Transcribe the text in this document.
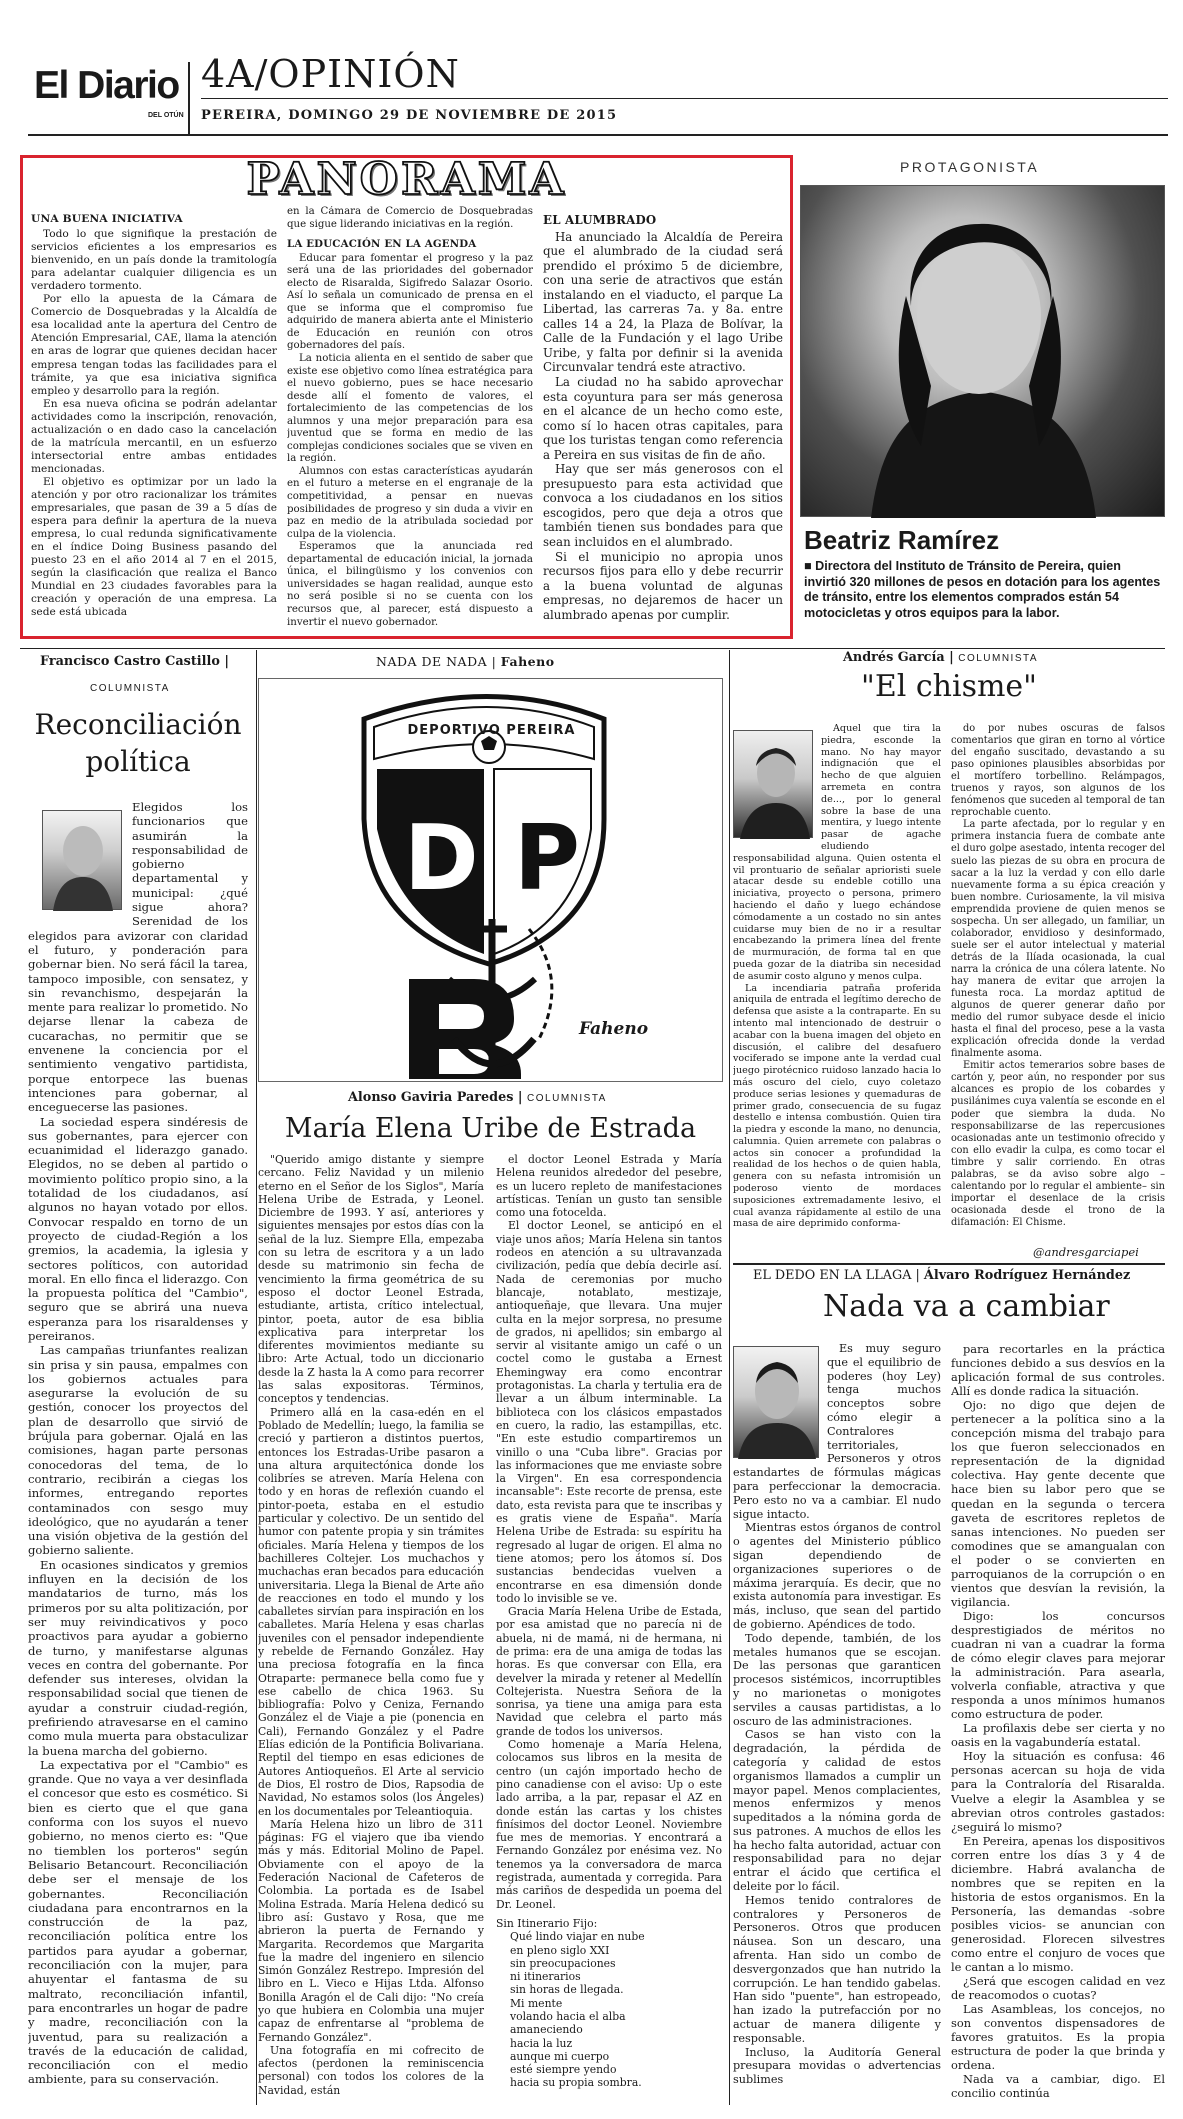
El Diario
DEL OTÚN
4A/OPINIÓN
PEREIRA, DOMINGO 29 DE NOVIEMBRE DE 2015
PANORAMA
UNA BUENA INICIATIVA

Todo lo que signifique la prestación de servicios eficientes a los empresarios es bienvenido, en un país donde la tramitología para adelantar cualquier diligencia es un verdadero tormento.

Por ello la apuesta de la Cámara de Comercio de Dosquebradas y la Alcaldía de esa localidad ante la apertura del Centro de Atención Empresarial, CAE, llama la atención en aras de lograr que quienes decidan hacer empresa tengan todas las facilidades para el trámite, ya que esa iniciativa significa empleo y desarrollo para la región.

En esa nueva oficina se podrán adelantar actividades como la inscripción, renovación, actualización o en dado caso la cancelación de la matrícula mercantil, en un esfuerzo intersectorial entre ambas entidades mencionadas.

El objetivo es optimizar por un lado la atención y por otro racionalizar los trámites empresariales, que pasan de 39 a 5 días de espera para definir la apertura de la nueva empresa, lo cual redunda significativamente en el índice Doing Business pasando del puesto 23 en el año 2014 al 7 en el 2015, según la clasificación que realiza el Banco Mundial en 23 ciudades favorables para la creación y operación de una empresa. La sede está ubicada

en la Cámara de Comercio de Dosquebradas que sigue liderando iniciativas en la región.

LA EDUCACIÓN EN LA AGENDA

Educar para fomentar el progreso y la paz será una de las prioridades del gobernador electo de Risaralda, Sigifredo Salazar Osorio. Así lo señala un comunicado de prensa en el que se informa que el compromiso fue adquirido de manera abierta ante el Ministerio de Educación en reunión con otros gobernadores del país.

La noticia alienta en el sentido de saber que existe ese objetivo como línea estratégica para el nuevo gobierno, pues se hace necesario desde allí el fomento de valores, el fortalecimiento de las competencias de los alumnos y una mejor preparación para esa juventud que se forma en medio de las complejas condiciones sociales que se viven en la región.

Alumnos con estas características ayudarán en el futuro a meterse en el engranaje de la competitividad, a pensar en nuevas posibilidades de progreso y sin duda a vivir en paz en medio de la atribulada sociedad por culpa de la violencia.

Esperamos que la anunciada red departamental de educación inicial, la jornada única, el bilingüismo y los convenios con universidades se hagan realidad, aunque esto no será posible si no se cuenta con los recursos que, al parecer, está dispuesto a invertir el nuevo gobernador.

EL ALUMBRADO

Ha anunciado la Alcaldía de Pereira que el alumbrado de la ciudad será prendido el próximo 5 de diciembre, con una serie de atractivos que están instalando en el viaducto, el parque La Libertad, las carreras 7a. y 8a. entre calles 14 a 24, la Plaza de Bolívar, la Calle de la Fundación y el lago Uribe Uribe, y falta por definir si la avenida Circunvalar tendrá este atractivo.

La ciudad no ha sabido aprovechar esta coyuntura para ser más generosa en el alcance de un hecho como este, como sí lo hacen otras capitales, para que los turistas tengan como referencia a Pereira en sus visitas de fin de año.

Hay que ser más generosos con el presupuesto para esta actividad que convoca a los ciudadanos en los sitios escogidos, pero que deja a otros que también tienen sus bondades para que sean incluidos en el alumbrado.

Si el municipio no apropia unos recursos fijos para ello y debe recurrir a la buena voluntad de algunas empresas, no dejaremos de hacer un alumbrado apenas por cumplir.

PROTAGONISTA
Beatriz Ramírez
■ Directora del Instituto de Tránsito de Pereira, quien invirtió 320 millones de pesos en dotación para los agentes de tránsito, entre los elementos comprados están 54 motocicletas y otros equipos para la labor.
Francisco Castro Castillo |
COLUMNISTA
Reconciliación
política

Elegidos los funcionarios que asumirán la responsabilidad de gobierno departamental y municipal: ¿qué sigue ahora? Serenidad de los elegidos para avizorar con claridad el futuro, y ponderación para gobernar bien. No será fácil la tarea, tampoco imposible, con sensatez, y sin revanchismo, despejarán la mente para realizar lo prometido. No dejarse llenar la cabeza de cucarachas, no permitir que se envenene la conciencia por el sentimiento vengativo partidista, porque entorpece las buenas intenciones para gobernar, al enceguecerse las pasiones.

La sociedad espera sindéresis de sus gobernantes, para ejercer con ecuanimidad el liderazgo ganado. Elegidos, no se deben al partido o movimiento político propio sino, a la totalidad de los ciudadanos, así algunos no hayan votado por ellos. Convocar respaldo en torno de un proyecto de ciudad-Región a los gremios, la academia, la iglesia y sectores políticos, con autoridad moral. En ello finca el liderazgo. Con la propuesta política del "Cambio", seguro que se abrirá una nueva esperanza para los risaraldenses y pereiranos.

Las campañas triunfantes realizan sin prisa y sin pausa, empalmes con los gobiernos actuales para asegurarse la evolución de su gestión, conocer los proyectos del plan de desarrollo que sirvió de brújula para gobernar. Ojalá en las comisiones, hagan parte personas conocedoras del tema, de lo contrario, recibirán a ciegas los informes, entregando reportes contaminados con sesgo muy ideológico, que no ayudarán a tener una visión objetiva de la gestión del gobierno saliente.

En ocasiones sindicatos y gremios influyen en la decisión de los mandatarios de turno, más los primeros por su alta politización, por ser muy reivindicativos y poco proactivos para ayudar a gobierno de turno, y manifestarse algunas veces en contra del gobernante. Por defender sus intereses, olvidan la responsabilidad social que tienen de ayudar a construir ciudad-región, prefiriendo atravesarse en el camino como mula muerta para obstaculizar la buena marcha del gobierno.

La expectativa por el "Cambio" es grande. Que no vaya a ver desinflada el concesor que esto es cosmético. Si bien es cierto que el que gana conforma con los suyos el nuevo gobierno, no menos cierto es: "Que no tiemblen los porteros" según Belisario Betancourt. Reconciliación debe ser el mensaje de los gobernantes. Reconciliación ciudadana para encontrarnos en la construcción de la paz, reconciliación política entre los partidos para ayudar a gobernar, reconciliación con la mujer, para ahuyentar el fantasma de su maltrato, reconciliación infantil, para encontrarles un hogar de padre y madre, reconciliación con la juventud, para su realización a través de la educación de calidad, reconciliación con el medio ambiente, para su conservación.

NADA DE NADA | Faheno
D P
DEPORTIVO PEREIRA
Faheno
Alonso Gaviria Paredes | COLUMNISTA
María Elena Uribe de Estrada

"Querido amigo distante y siempre cercano. Feliz Navidad y un milenio eterno en el Señor de los Siglos", María Helena Uribe de Estrada, y Leonel. Diciembre de 1993. Y así, anteriores y siguientes mensajes por estos días con la señal de la luz. Siempre Ella, empezaba con su letra de escritora y a un lado desde su matrimonio sin fecha de vencimiento la firma geométrica de su esposo el doctor Leonel Estrada, estudiante, artista, crítico intelectual, pintor, poeta, autor de esa biblia explicativa para interpretar los diferentes movimientos mediante su libro: Arte Actual, todo un diccionario desde la Z hasta la A como para recorrer las salas expositoras. Términos, conceptos y tendencias.

Primero allá en la casa-edén en el Poblado de Medellín; luego, la familia se creció y partieron a distintos puertos, entonces los Estradas-Uribe pasaron a una altura arquitectónica donde los colibríes se atreven. María Helena con todo y en horas de reflexión cuando el pintor-poeta, estaba en el estudio particular y colectivo. De un sentido del humor con patente propia y sin trámites oficiales. María Helena y tiempos de los bachilleres Coltejer. Los muchachos y muchachas eran becados para educación universitaria. Llega la Bienal de Arte año de reacciones en todo el mundo y los caballetes sirvían para inspiración en los caballetes. María Helena y esas charlas juveniles con el pensador independiente y rebelde de Fernando González. Hay una preciosa fotografía en la finca Otraparte: permanece bella como fue y ese cabello de chica 1963. Su bibliografía: Polvo y Ceniza, Fernando González el de Viaje a pie (ponencia en Cali), Fernando González y el Padre Elías edición de la Pontificia Bolivariana. Reptil del tiempo en esas ediciones de Autores Antioqueños. El Arte al servicio de Dios, El rostro de Dios, Rapsodia de Navidad, No estamos solos (los Ángeles) en los documentales por Teleantioquia.

María Helena hizo un libro de 311 páginas: FG el viajero que iba viendo más y más. Editorial Molino de Papel. Obviamente con el apoyo de la Federación Nacional de Cafeteros de Colombia. La portada es de Isabel Molina Estrada. María Helena dedicó su libro así: Gustavo y Rosa, que me abrieron la puerta de Fernando y Margarita. Recordemos que Margarita fue la madre del ingeniero en silencio Simón González Restrepo. Impresión del libro en L. Vieco e Hijas Ltda. Alfonso Bonilla Aragón el de Cali dijo: "No creía yo que hubiera en Colombia una mujer capaz de enfrentarse al "problema de Fernando González".

Una fotografía en mi cofrecito de afectos (perdonen la reminiscencia personal) con todos los colores de la Navidad, están

el doctor Leonel Estrada y María Helena reunidos alrededor del pesebre, es un lucero repleto de manifestaciones artísticas. Tenían un gusto tan sensible como una fotocelda.

El doctor Leonel, se anticipó en el viaje unos años; María Helena sin tantos rodeos en atención a su ultravanzada civilización, pedía que debía decirle así. Nada de ceremonias por mucho blancaje, notablato, mestizaje, antioqueñaje, que llevara. Una mujer culta en la mejor sorpresa, no presume de grados, ni apellidos; sin embargo al servir al visitante amigo un café o un coctel como le gustaba a Ernest Ehemingway era como encontrar protagonistas. La charla y tertulia era de llevar a un álbum interminable. La biblioteca con los clásicos empastados en cuero, la radio, las estampillas, etc. "En este estudio compartiremos un vinillo o una "Cuba libre". Gracias por las informaciones que me enviaste sobre la Virgen". En esa correspondencia incansable": Este recorte de prensa, este dato, esta revista para que te inscribas y es gratis viene de España". María Helena Uribe de Estrada: su espíritu ha regresado al lugar de origen. El alma no tiene atomos; pero los átomos sí. Dos sustancias bendecidas vuelven a encontrarse en esa dimensión donde todo lo invisible se ve.

Gracia María Helena Uribe de Estada, por esa amistad que no parecía ni de abuela, ni de mamá, ni de hermana, ni de prima: era de una amiga de todas las horas. Es que conversar con Ella, era develver la mirada y retener al Medellín Coltejerista. Nuestra Señora de la sonrisa, ya tiene una amiga para esta Navidad que celebra el parto más grande de todos los universos.

Como homenaje a María Helena, colocamos sus libros en la mesita de centro (un cajón importado hecho de pino canadiense con el aviso: Up o este lado arriba, a la par, repasar el AZ en donde están las cartas y los chistes finísimos del doctor Leonel. Noviembre fue mes de memorias. Y encontrará a Fernando González por enésima vez. No tenemos ya la conversadora de marca registrada, aumentada y corregida. Para más cariños de despedida un poema del Dr. Leonel.

Sin Itinerario Fijo:

Qué lindo viajar en nube
en pleno siglo XXI
sin preocupaciones
ni itinerarios
sin horas de llegada.
Mi mente
volando hacia el alba
amaneciendo
hacia la luz
aunque mi cuerpo
esté siempre yendo
hacia su propia sombra.
Andrés García | COLUMNISTA
"El chisme"

Aquel que tira la piedra, esconde la mano. No hay mayor indignación que el hecho de que alguien arremeta en contra de..., por lo general sobre la base de una mentira, y luego intente pasar de agache eludiendo responsabilidad alguna. Quien ostenta el vil prontuario de señalar aprioristi suele atacar desde su endeble cotillo una iniciativa, proyecto o persona, primero haciendo el daño y luego echándose cómodamente a un costado no sin antes cuidarse muy bien de no ir a resultar encabezando la primera línea del frente de murmuración, de forma tal en que pueda gozar de la diatriba sin necesidad de asumir costo alguno y menos culpa.

La incendiaria patraña proferida aniquila de entrada el legítimo derecho de defensa que asiste a la contraparte. En su intento mal intencionado de destruir o acabar con la buena imagen del objeto en discusión, el calibre del desafuero vociferado se impone ante la verdad cual juego pirotécnico ruidoso lanzado hacia lo más oscuro del cielo, cuyo coletazo produce serias lesiones y quemaduras de primer grado, consecuencia de su fugaz destello e intensa combustión. Quien tira la piedra y esconde la mano, no denuncia, calumnia. Quien arremete con palabras o actos sin conocer a profundidad la realidad de los hechos o de quien habla, genera con su nefasta intromisión un poderoso viento de mordaces suposiciones extremadamente lesivo, el cual avanza rápidamente al estilo de una masa de aire deprimido conforma-

do por nubes oscuras de falsos comentarios que giran en torno al vórtice del engaño suscitado, devastando a su paso opiniones plausibles absorbidas por el mortífero torbellino. Relámpagos, truenos y rayos, son algunos de los fenómenos que suceden al temporal de tan reprochable cuento.

La parte afectada, por lo regular y en primera instancia fuera de combate ante el duro golpe asestado, intenta recoger del suelo las piezas de su obra en procura de sacar a la luz la verdad y con ello darle nuevamente forma a su épica creación y buen nombre. Curiosamente, la vil misiva emprendida proviene de quien menos se sospecha. Un ser allegado, un familiar, un colaborador, envidioso y desinformado, suele ser el autor intelectual y material detrás de la Ilíada ocasionada, la cual narra la crónica de una cólera latente. No hay manera de evitar que arrojen la funesta roca. La mordaz aptitud de algunos de querer generar daño por medio del rumor subyace desde el inicio hasta el final del proceso, pese a la vasta explicación ofrecida donde la verdad finalmente asoma.

Emitir actos temerarios sobre bases de cartón y, peor aún, no responder por sus alcances es propio de los cobardes y pusilánimes cuya valentía se esconde en el poder que siembra la duda. No responsabilizarse de las repercusiones ocasionadas ante un testimonio ofrecido y con ello evadir la culpa, es como tocar el timbre y salir corriendo. En otras palabras, se da aviso sobre algo –calentando por lo regular el ambiente– sin importar el desenlace de la crisis ocasionada desde el trono de la difamación: El Chisme.

@andresgarciapei
EL DEDO EN LA LLAGA | Álvaro Rodríguez Hernández
Nada va a cambiar

Es muy seguro que el equilibrio de poderes (hoy Ley) tenga muchos conceptos sobre cómo elegir a Contralores territoriales, Personeros y otros estandartes de fórmulas mágicas para perfeccionar la democracia. Pero esto no va a cambiar. El nudo sigue intacto.

Mientras estos órganos de control o agentes del Ministerio público sigan dependiendo de organizaciones superiores o de máxima jerarquía. Es decir, que no exista autonomía para investigar. Es más, incluso, que sean del partido de gobierno. Apéndices de todo.

Todo depende, también, de los metales humanos que se escojan. De las personas que garanticen procesos sistémicos, incorruptibles y no marionetas o monigotes serviles a causas partidistas, a lo oscuro de las administraciones.

Casos se han visto con la degradación, la pérdida de categoría y calidad de estos organismos llamados a cumplir un mayor papel. Menos complacientes, menos enfermizos y menos supeditados a la nómina gorda de sus patrones. A muchos de ellos les ha hecho falta autoridad, actuar con responsabilidad para no dejar entrar el ácido que certifica el deleite por lo fácil.

Hemos tenido contralores de contralores y Personeros de Personeros. Otros que producen náusea. Son un descaro, una afrenta. Han sido un combo de desvergonzados que han nutrido la corrupción. Le han tendido gabelas. Han sido "puente", han estropeado, han izado la putrefacción por no actuar de manera diligente y responsable.

Incluso, la Auditoría General presupara movidas o advertencias sublimes

para recortarles en la práctica funciones debido a sus desvíos en la aplicación formal de sus controles. Allí es donde radica la situación.

Ojo: no digo que dejen de pertenecer a la política sino a la concepción misma del trabajo para los que fueron seleccionados en representación de la dignidad colectiva. Hay gente decente que hace bien su labor pero que se quedan en la segunda o tercera gaveta de escritores repletos de sanas intenciones. No pueden ser comodines que se amangualan con el poder o se convierten en parroquianos de la corrupción o en vientos que desvían la revisión, la vigilancia.

Digo: los concursos desprestigiados de méritos no cuadran ni van a cuadrar la forma de cómo elegir claves para mejorar la administración. Para asearla, volverla confiable, atractiva y que responda a unos mínimos humanos como estructura de poder.

La profilaxis debe ser cierta y no oasis en la vagabundería estatal.

Hoy la situación es confusa: 46 personas acercan su hoja de vida para la Contraloría del Risaralda. Vuelve a elegir la Asamblea y se abrevian otros controles gastados: ¿seguirá lo mismo?

En Pereira, apenas los dispositivos corren entre los días 3 y 4 de diciembre. Habrá avalancha de nombres que se repiten en la historia de estos organismos. En la Personería, las demandas -sobre posibles vicios- se anuncian con generosidad. Florecen silvestres como entre el conjuro de voces que le cantan a lo mismo.

¿Será que escogen calidad en vez de reacomodos o cuotas?

Las Asambleas, los concejos, no son conventos dispensadores de favores gratuitos. Es la propia estructura de poder la que brinda y ordena.

Nada va a cambiar, digo. El concilio continúa
